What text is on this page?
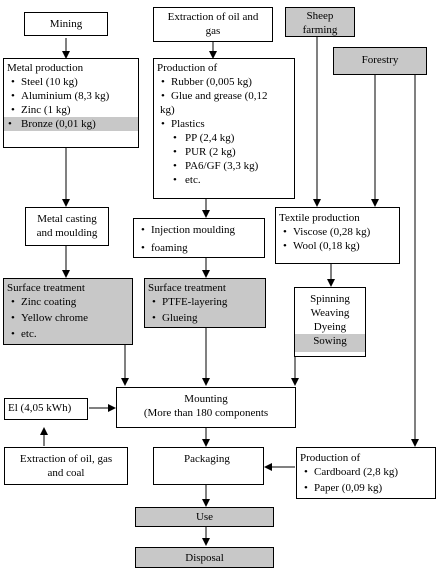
Mining
Extraction of oil and
gas
Sheep
farming
Forestry
Metal production
• Steel (10 kg)
• Aluminium (8,3 kg)
• Zinc (1 kg)
• Bronze (0,01 kg)
Production of
• Rubber (0,005 kg)
• Glue and grease (0,12
kg)
• Plastics
• PP (2,4 kg)
• PUR (2 kg)
• PA6/GF (3,3 kg)
• etc.
Metal casting
and moulding
•	Injection moulding
• foaming
Textile production
• Viscose (0,28 kg)
• Wool (0,18 kg)
Surface treatment
• Zinc coating
• Yellow chrome
• etc.
Surface treatment
• PTFE-layering
• Glueing
Spinning
Weaving
Dyeing
Sowing
El (4,05 kWh)
Mounting
(More than 180 components
Extraction of oil, gas
and coal
Packaging	Production of
• Cardboard (2,8 kg)
• Paper (0,09 kg)
Use
Disposal
